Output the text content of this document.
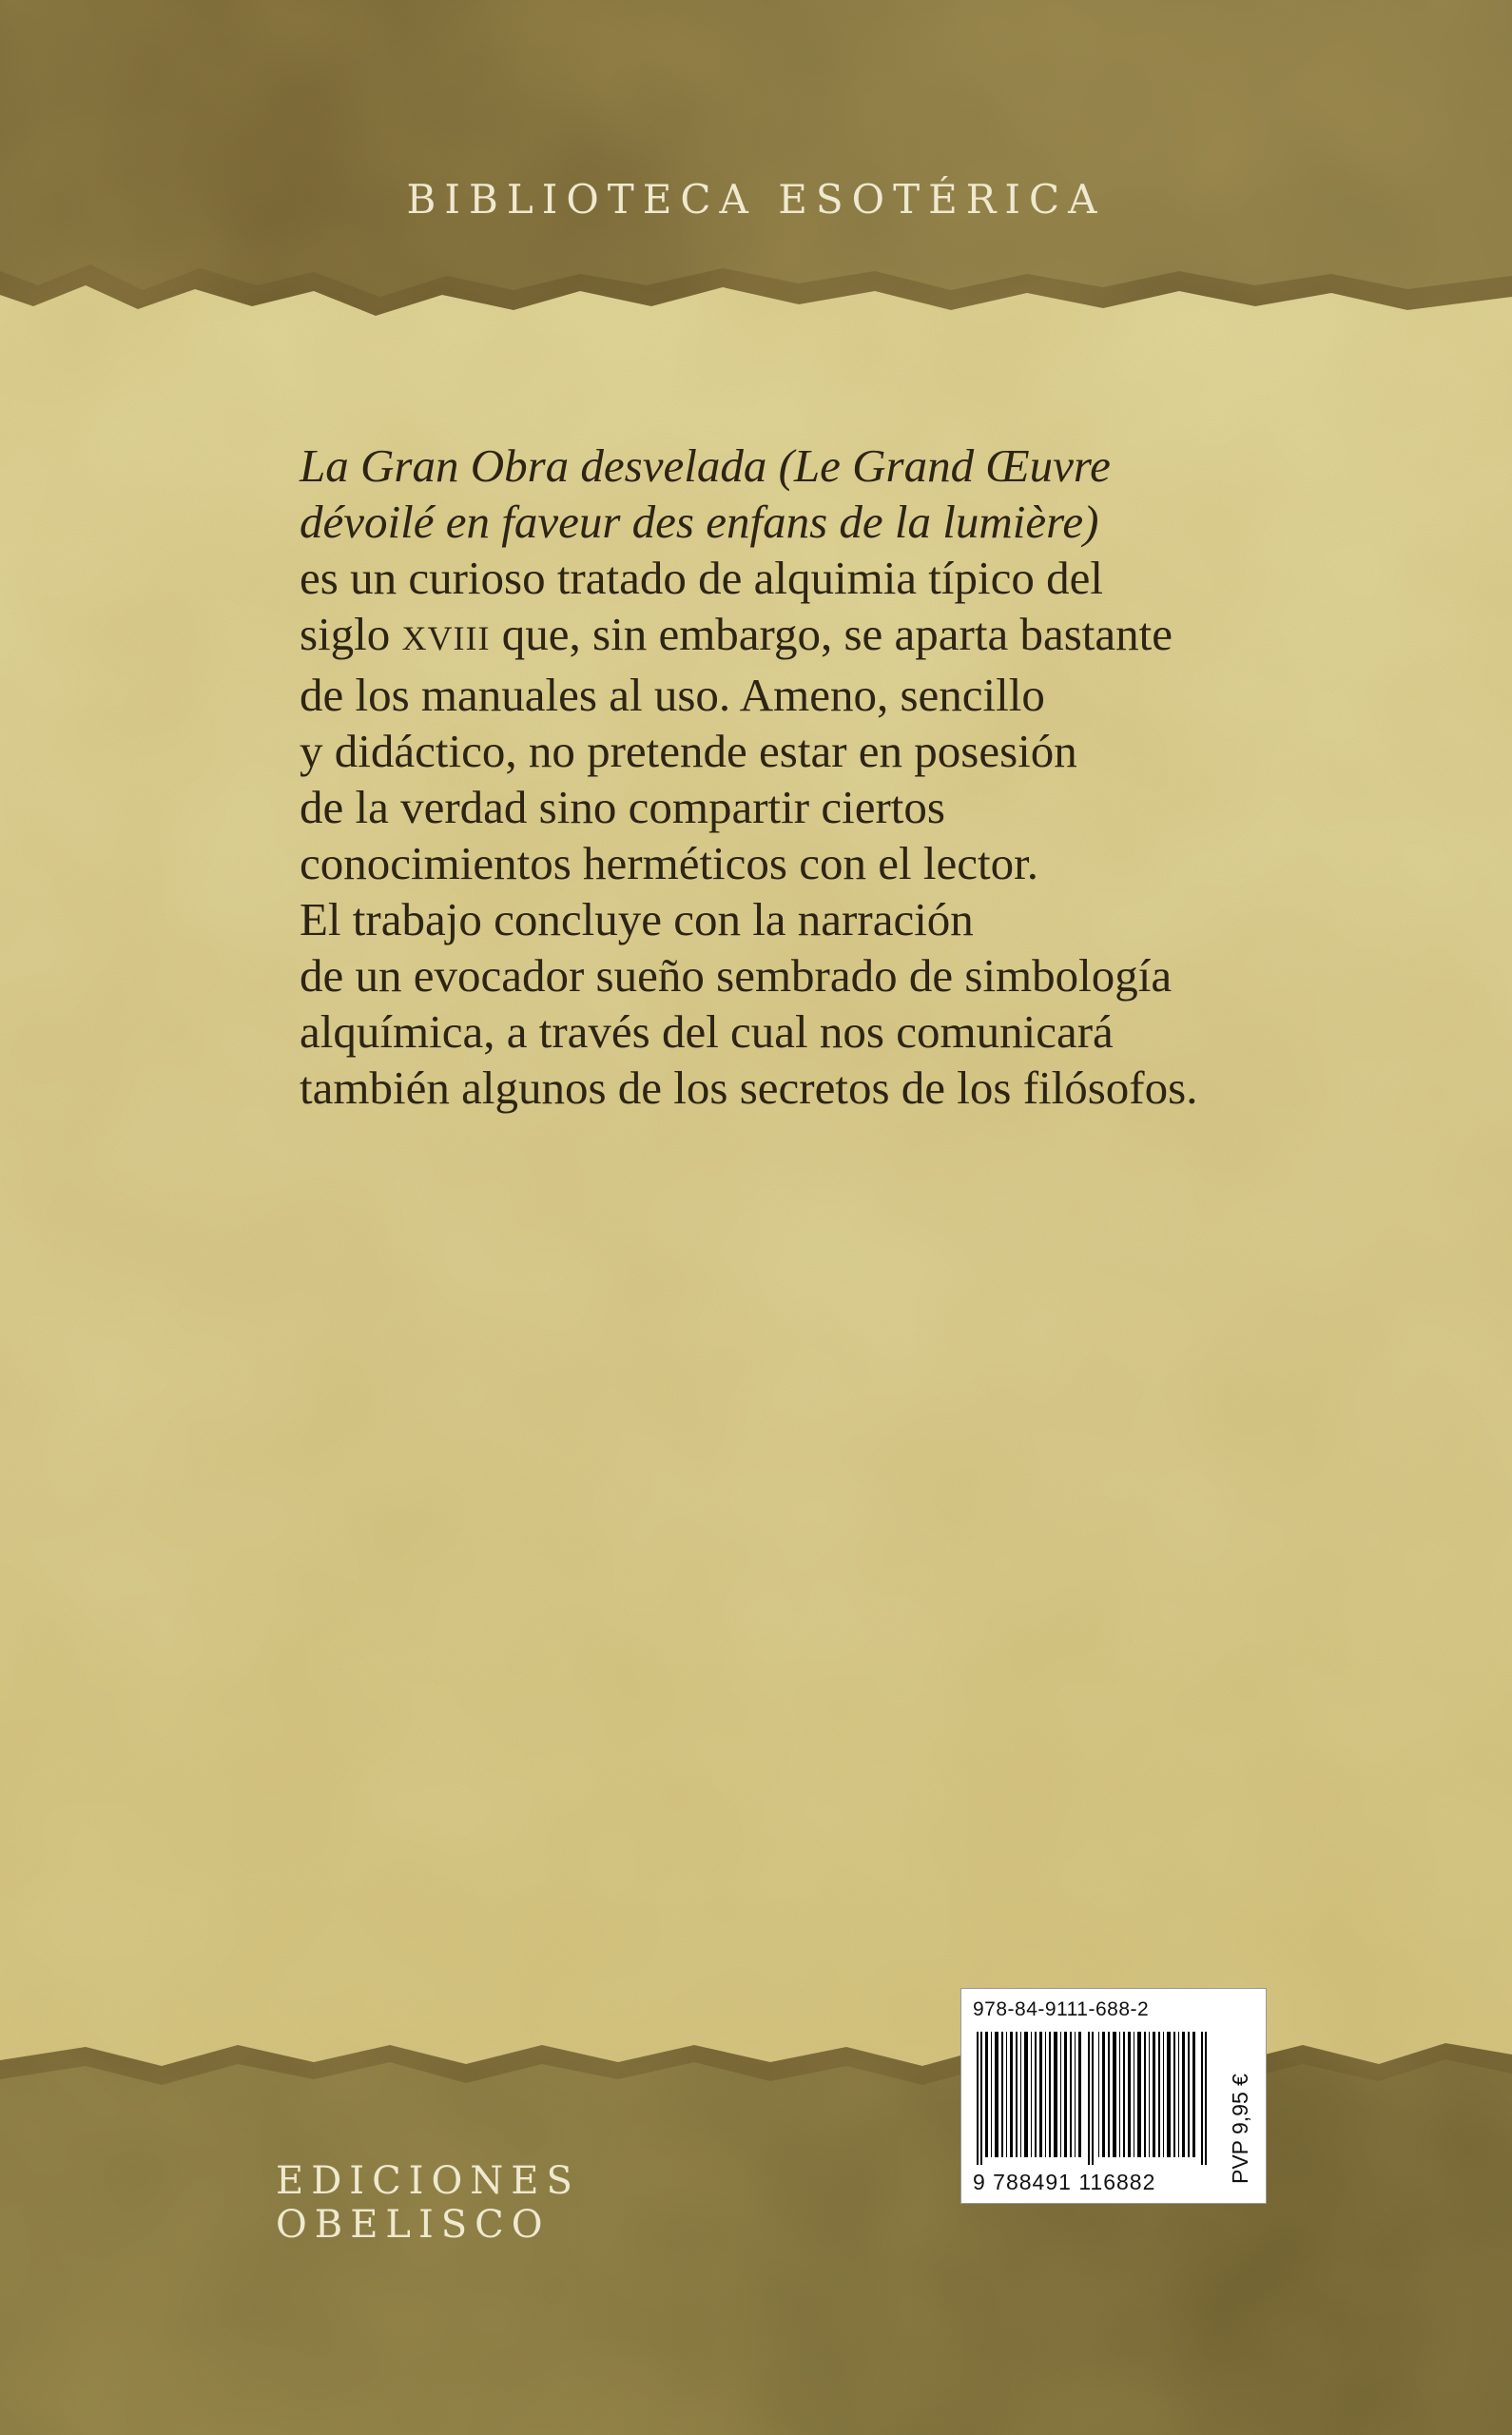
BIBLIOTECA ESOTÉRICA
La Gran Obra desvelada (Le Grand Œuvre
dévoilé en faveur des enfans de la lumière)
es un curioso tratado de alquimia típico del
siglo XVIII que, sin embargo, se aparta bastante
de los manuales al uso. Ameno, sencillo
y didáctico, no pretende estar en posesión
de la verdad sino compartir ciertos
conocimientos herméticos con el lector.
El trabajo concluye con la narración
de un evocador sueño sembrado de simbología
alquímica, a través del cual nos comunicará
también algunos de los secretos de los filósofos.
EDICIONES OBELISCO
978-84-9111-688-2
9 788491 116882	PVP 9,95 €
